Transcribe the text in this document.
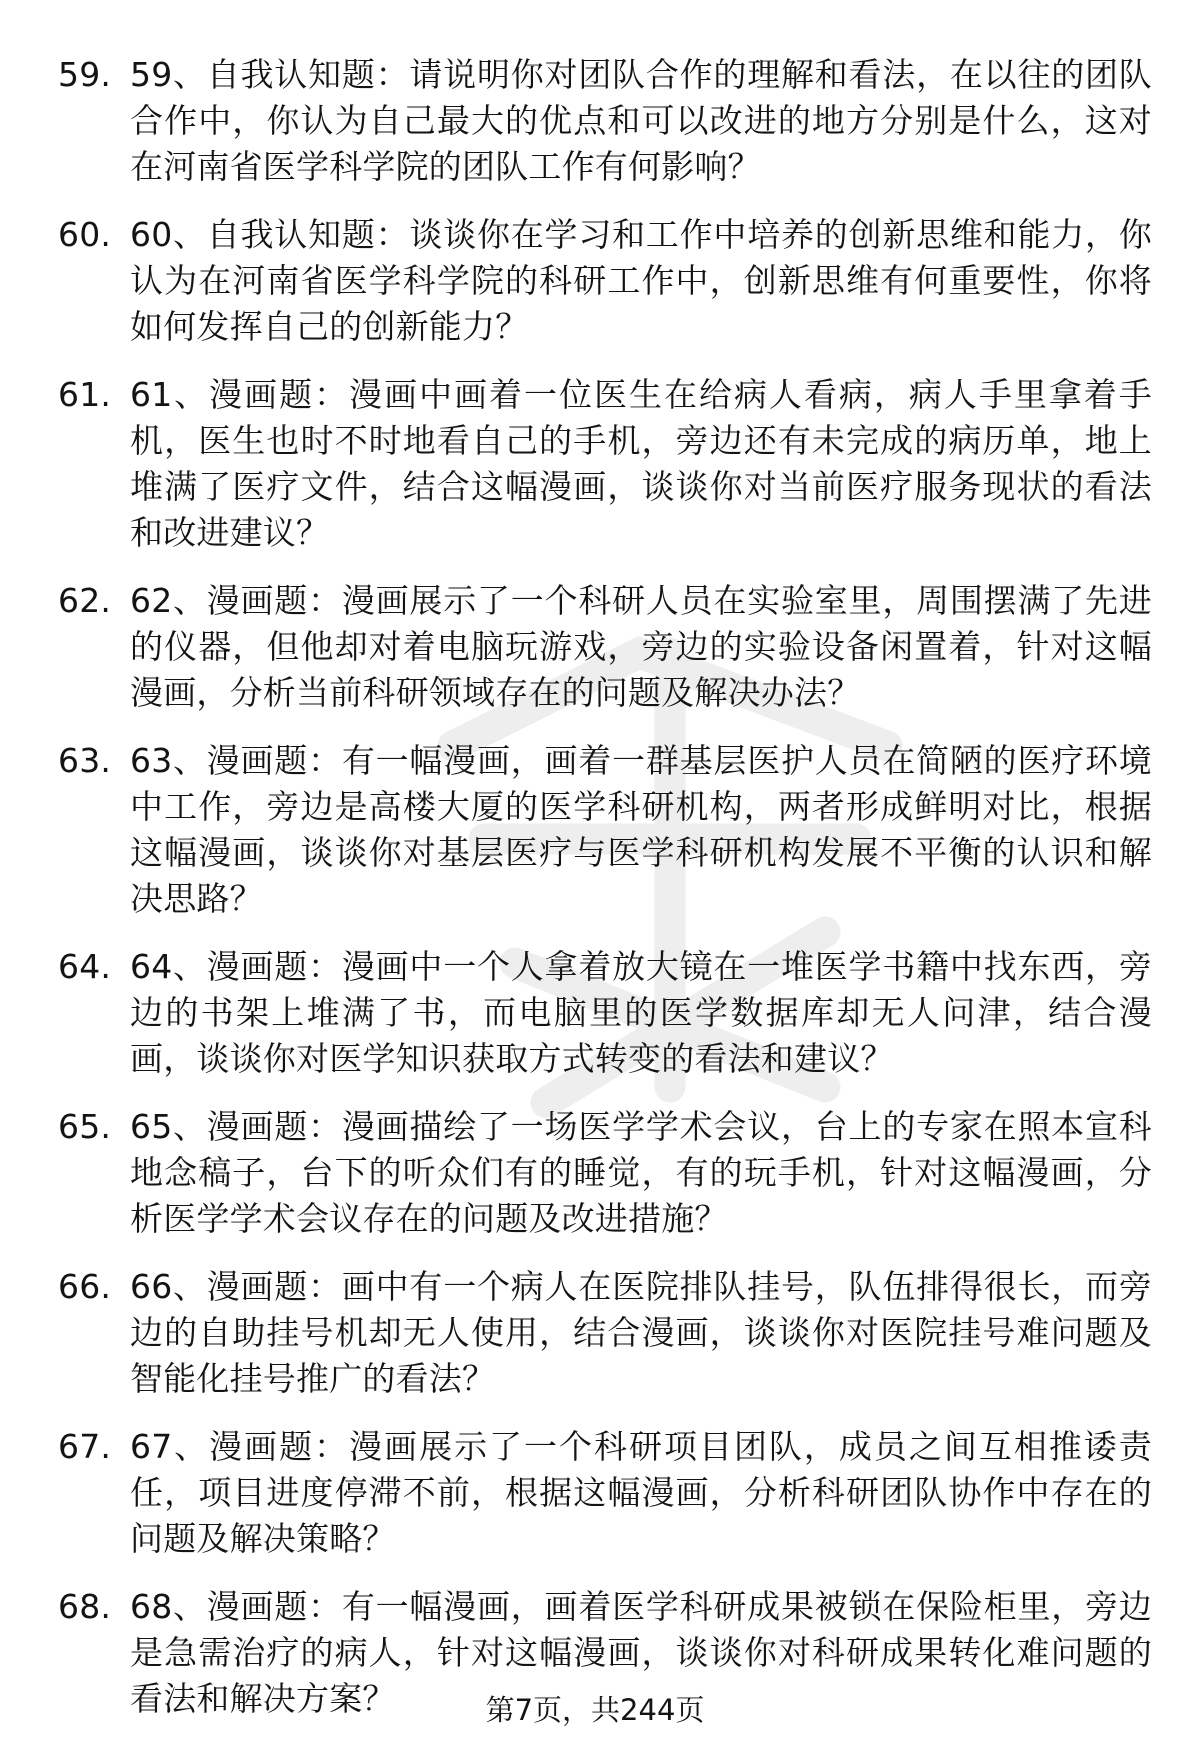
59. 59、自我认知题：请说明你对团队合作的理解和看法，在以往的团队合作中，你认为自己最大的优点和可以改进的地方分别是什么，这对在河南省医学科学院的团队工作有何影响？
60. 60、自我认知题：谈谈你在学习和工作中培养的创新思维和能力，你认为在河南省医学科学院的科研工作中，创新思维有何重要性，你将如何发挥自己的创新能力？
61. 61、漫画题：漫画中画着一位医生在给病人看病，病人手里拿着手机，医生也时不时地看自己的手机，旁边还有未完成的病历单，地上堆满了医疗文件，结合这幅漫画，谈谈你对当前医疗服务现状的看法和改进建议？
62. 62、漫画题：漫画展示了一个科研人员在实验室里，周围摆满了先进的仪器，但他却对着电脑玩游戏，旁边的实验设备闲置着，针对这幅漫画，分析当前科研领域存在的问题及解决办法？
63. 63、漫画题：有一幅漫画，画着一群基层医护人员在简陋的医疗环境中工作，旁边是高楼大厦的医学科研机构，两者形成鲜明对比，根据这幅漫画，谈谈你对基层医疗与医学科研机构发展不平衡的认识和解决思路？
64. 64、漫画题：漫画中一个人拿着放大镜在一堆医学书籍中找东西，旁边的书架上堆满了书，而电脑里的医学数据库却无人问津，结合漫画，谈谈你对医学知识获取方式转变的看法和建议？
65. 65、漫画题：漫画描绘了一场医学学术会议，台上的专家在照本宣科地念稿子，台下的听众们有的睡觉，有的玩手机，针对这幅漫画，分析医学学术会议存在的问题及改进措施？
66. 66、漫画题：画中有一个病人在医院排队挂号，队伍排得很长，而旁边的自助挂号机却无人使用，结合漫画，谈谈你对医院挂号难问题及智能化挂号推广的看法？
67. 67、漫画题：漫画展示了一个科研项目团队，成员之间互相推诿责任，项目进度停滞不前，根据这幅漫画，分析科研团队协作中存在的问题及解决策略？
68. 68、漫画题：有一幅漫画，画着医学科研成果被锁在保险柜里，旁边是急需治疗的病人，针对这幅漫画，谈谈你对科研成果转化难问题的看法和解决方案？	第7页，共244页
